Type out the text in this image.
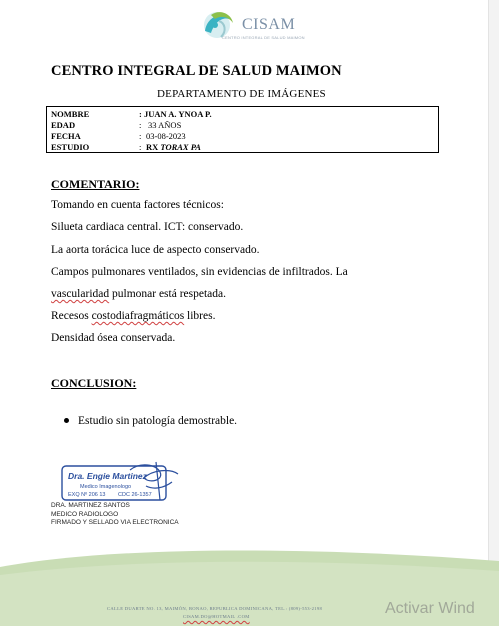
CISAM
CENTRO INTEGRAL DE SALUD MAIMON
CENTRO INTEGRAL DE SALUD MAIMON
DEPARTAMENTO DE IMÁGENES
NOMBRE	: JUAN A. YNOA P.
EDAD	: 33 AÑOS
FECHA	: 03-08-2023
ESTUDIO	: RX TORAX PA
COMENTARIO:
Tomando en cuenta factores técnicos:
Silueta cardiaca central. ICT: conservado.
La aorta torácica luce de aspecto conservado.
Campos pulmonares ventilados, sin evidencias de infiltrados. La
vascularidad pulmonar está respetada.
Recesos costodiafragmáticos libres.
Densidad ósea conservada.
CONCLUSION:
Estudio sin patología demostrable.
Dra. Engie Martinez
Medico Imagenologo
EXQ Nº 206 13 CDC 26-1357
DRA. MARTINEZ SANTOS
MEDICO RADIOLOGO
FIRMADO Y SELLADO VIA ELECTRONICA
CALLE DUARTE NO. 13, MAIMÓN, BONAO, REPUBLICA DOMINICANA, TEL.: (809)-553-2198
CISAM.DO@HOTMAIL .COM	Activar Wind
